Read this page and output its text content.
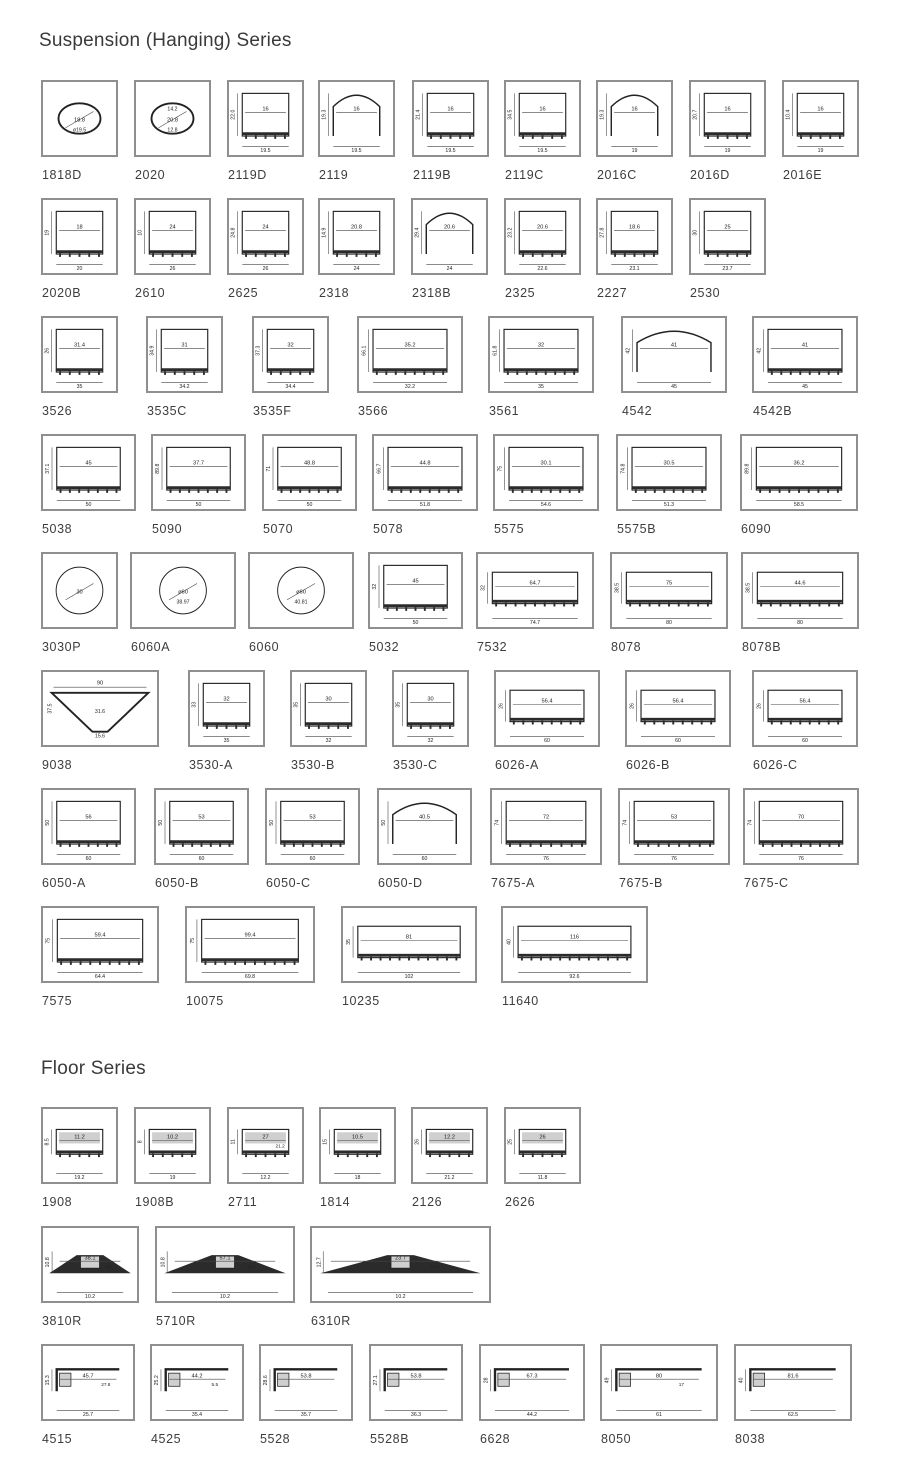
Suspension (Hanging) Series
Floor Series
18.8
ø19.5
1818D
20.8
12.8
14.2
2020
22.0	16
19.5
2119D
19.3	16
19.5
2119
21.4	16
19.5
2119B
34.5	16
19.5
2119C
19.3	16
19
2016C
20.7	16
19
2016D
10.4	16
19
2016E
19
18
20
2020B
10
24
26
2610
24.8	24
26
2625
14.9	20.8
24
2318
29.4	20.6
24
2318B
23.2	20.6
22.6
2325
27.8	18.6
23.1
2227
30
25
23.7
2530
26
31.4
35
3526
34.9	31
34.2
3535C
37.3	32
34.4
3535F
66.1	35.2
32.2
3566
61.8	32
35
3561
42
41
45
4542
42
41
45
4542B
37.1	45
50
5038
89.8	37.7
50
5090
71
48.8
50
5070
66.7	44.8
51.8
5078
75
30.1
54.6
5575
74.8	30.5
51.3
5575B
89.8	36.2
58.5
6090
30
3030P
ø60
38.97
6060A
ø60
40.81
6060
32
45
50
5032
32
64.7
74.7
7532
38.5	75
80
8078
38.5	44.6
80
8078B
90
37.5	31.6
15.6
9038
33
32
35
3530-A
35
30
32
3530-B
35
30
32
3530-C
26
56.4
60
6026-A
26
56.4
60
6026-B
26
56.4
60
6026-C
50
56
60
6050-A
50
53
60
6050-B
50
53
60
6050-C
50
40.5
60
6050-D
74
72
76
7675-A
74
53
76
7675-B
74
70
76
7675-C
75
59.4
64.4
7575
75
99.4
69.8
10075
35
81
102
10235
40
116
92.6
11640
8.5
11.2
19.2
1908
8
10.2
19
1908B
11
27
12.2
21.2
2711
15
10.5
18
1814
26
12.2
21.2
2126
25
26
11.8
2626
10.8	38.1
10.2
20
3810R
10.8	57.1
10.2
48.1
5710R
12.7	23.7
10.2
63.5
6310R
15.3	45.7
25.7
27.8
4515
25.2	44.2
35.4
5.5
4525
28.6	53.8
35.7
5528
27.1	53.8
36.3
5528B
28
67.3
44.2
6628
49
80
61
17
8050
40
81.6
62.5
8038
